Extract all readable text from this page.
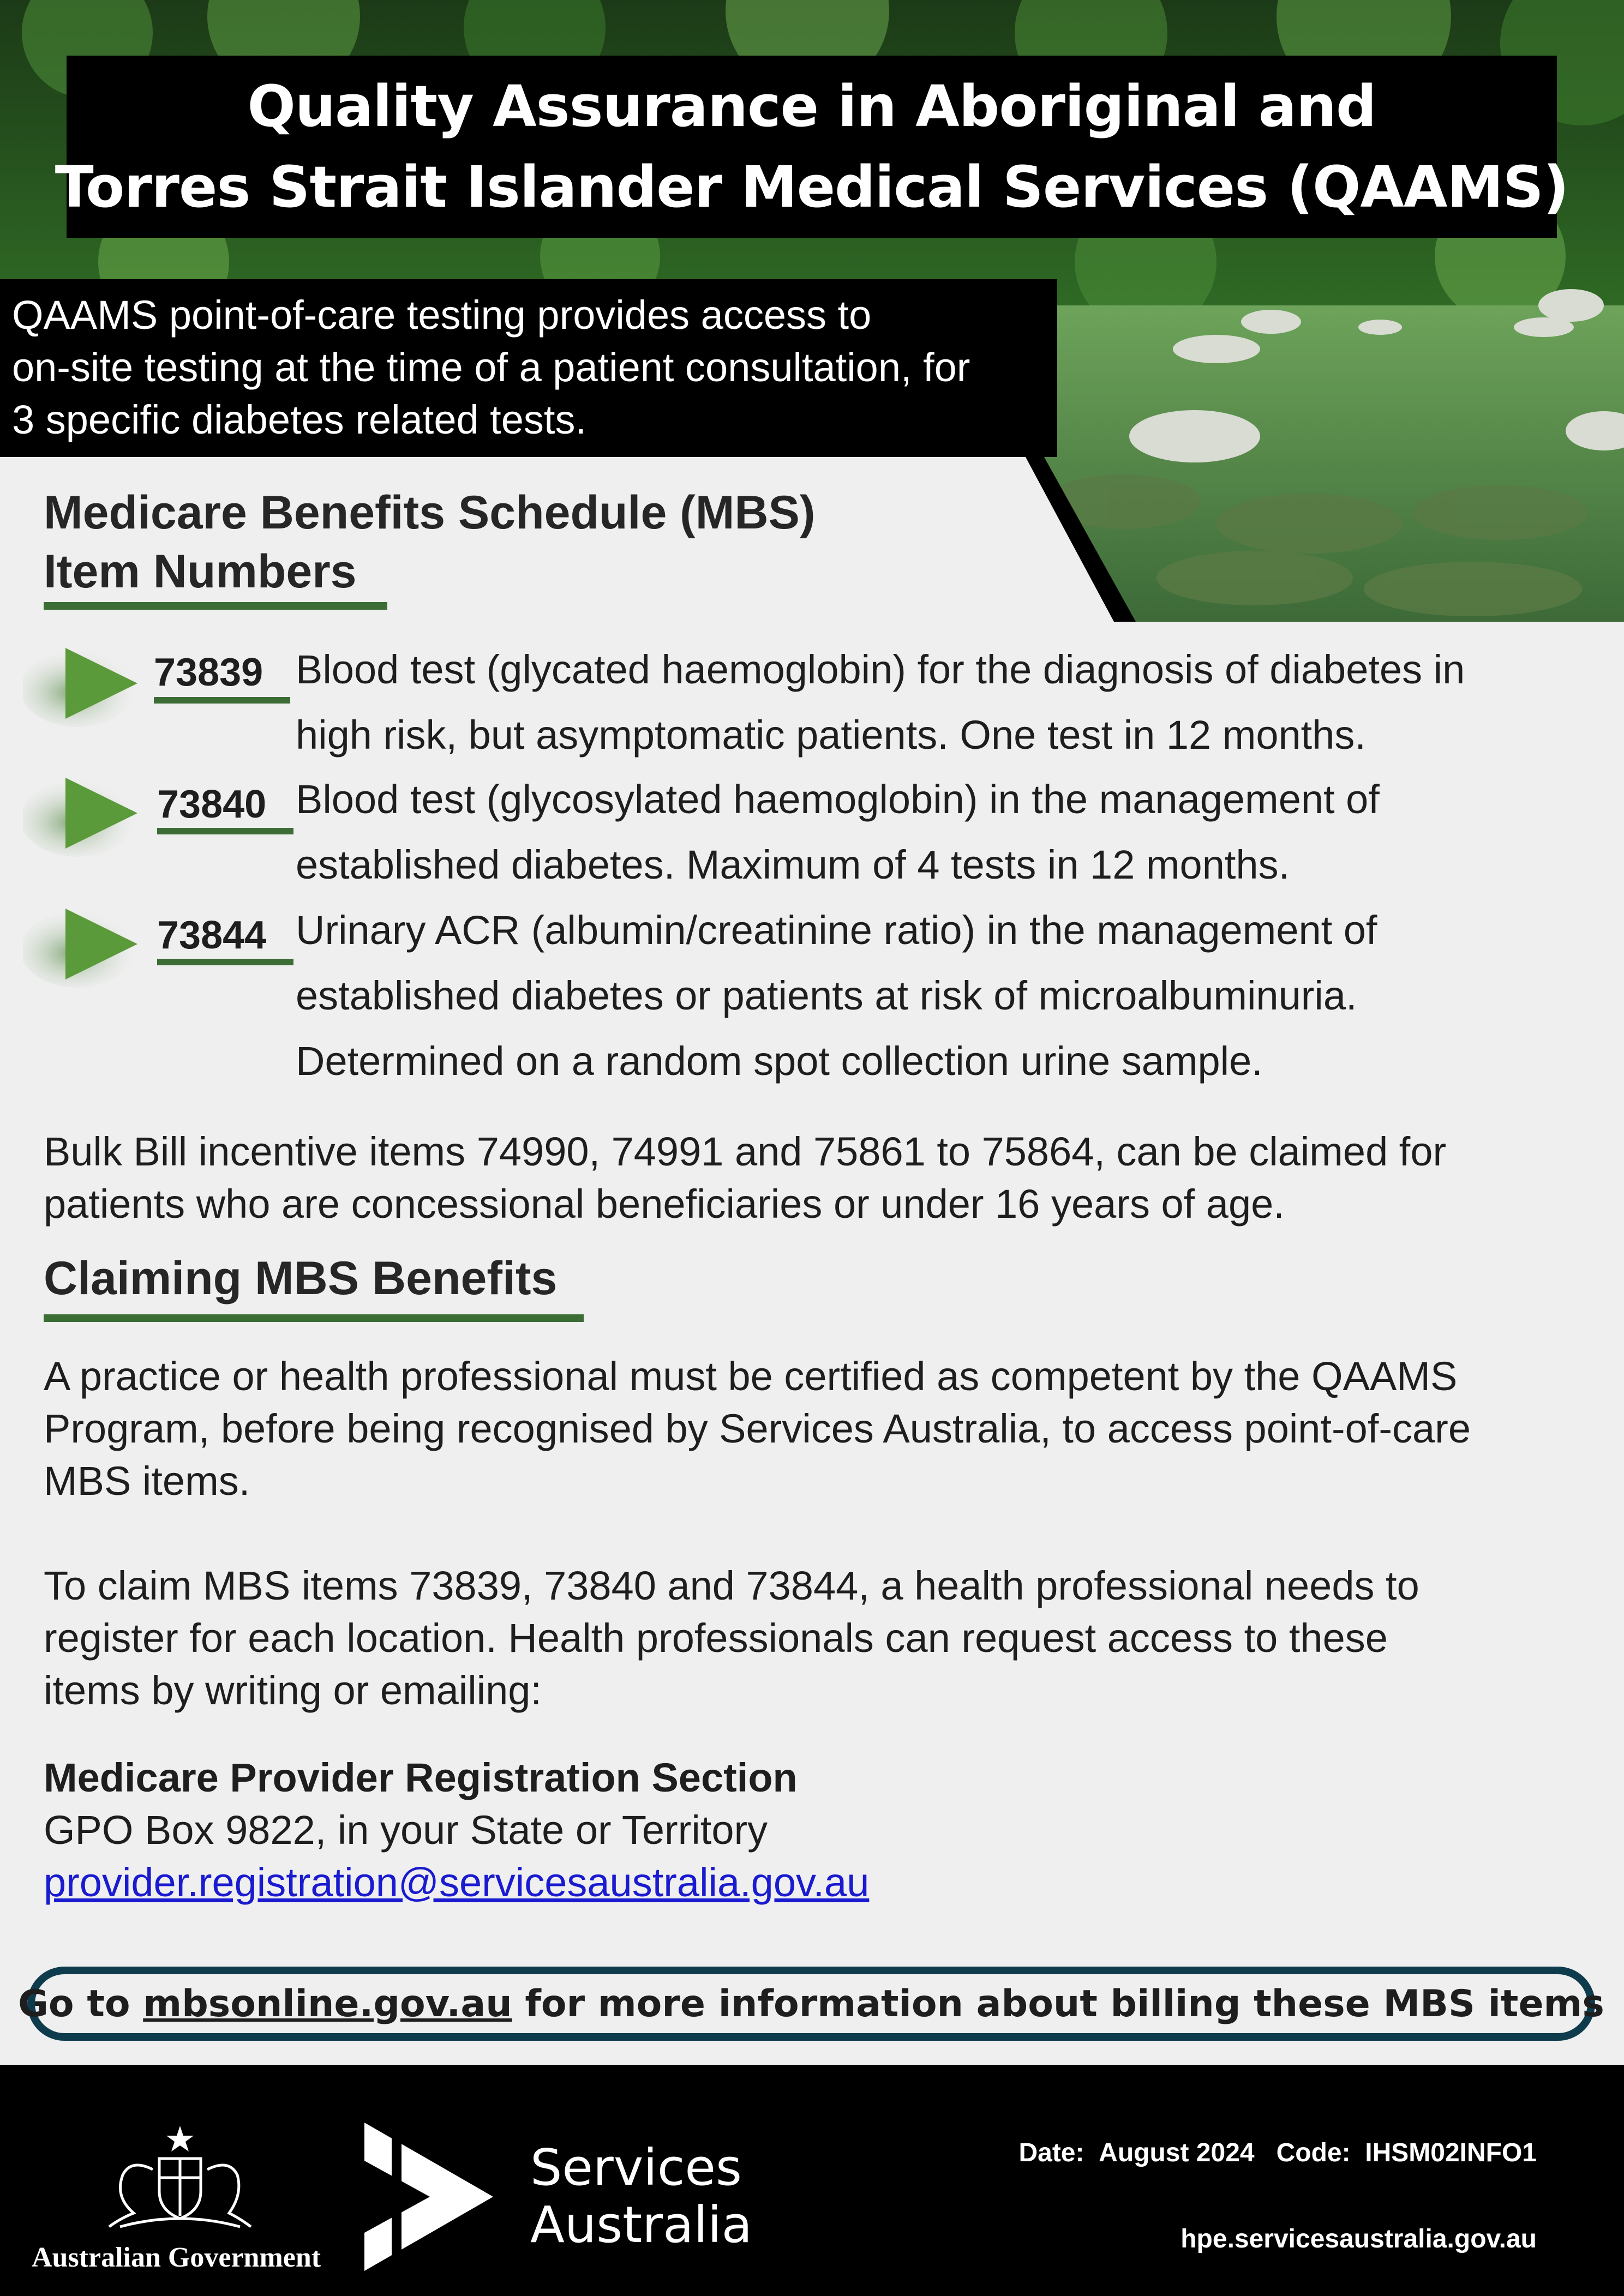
Quality Assurance in Aboriginal and
Torres Strait Islander Medical Services (QAAMS)
QAAMS point-of-care testing provides access to
on-site testing at the time of a patient consultation, for
3 specific diabetes related tests.
Medicare Benefits Schedule (MBS)
Item Numbers
73839 Blood test (glycated haemoglobin) for the diagnosis of diabetes in
high risk, but asymptomatic patients. One test in 12 months.
73840 Blood test (glycosylated haemoglobin) in the management of
established diabetes. Maximum of 4 tests in 12 months.
73844 Urinary ACR (albumin/creatinine ratio) in the management of
established diabetes or patients at risk of microalbuminuria.
Determined on a random spot collection urine sample.
Bulk Bill incentive items 74990, 74991 and 75861 to 75864, can be claimed for
patients who are concessional beneficiaries or under 16 years of age.
Claiming MBS Benefits
A practice or health professional must be certified as competent by the QAAMS
Program, before being recognised by Services Australia, to access point-of-care
MBS items.
To claim MBS items 73839, 73840 and 73844, a health professional needs to
register for each location. Health professionals can request access to these
items by writing or emailing:
Medicare Provider Registration Section
GPO Box 9822, in your State or Territory
provider.registration@servicesaustralia.gov.au
Go to mbsonline.gov.au for more information about billing these MBS items
Australian Government
Services
Australia
Date: August 2024 Code: IHSM02INFO1
hpe.servicesaustralia.gov.au
